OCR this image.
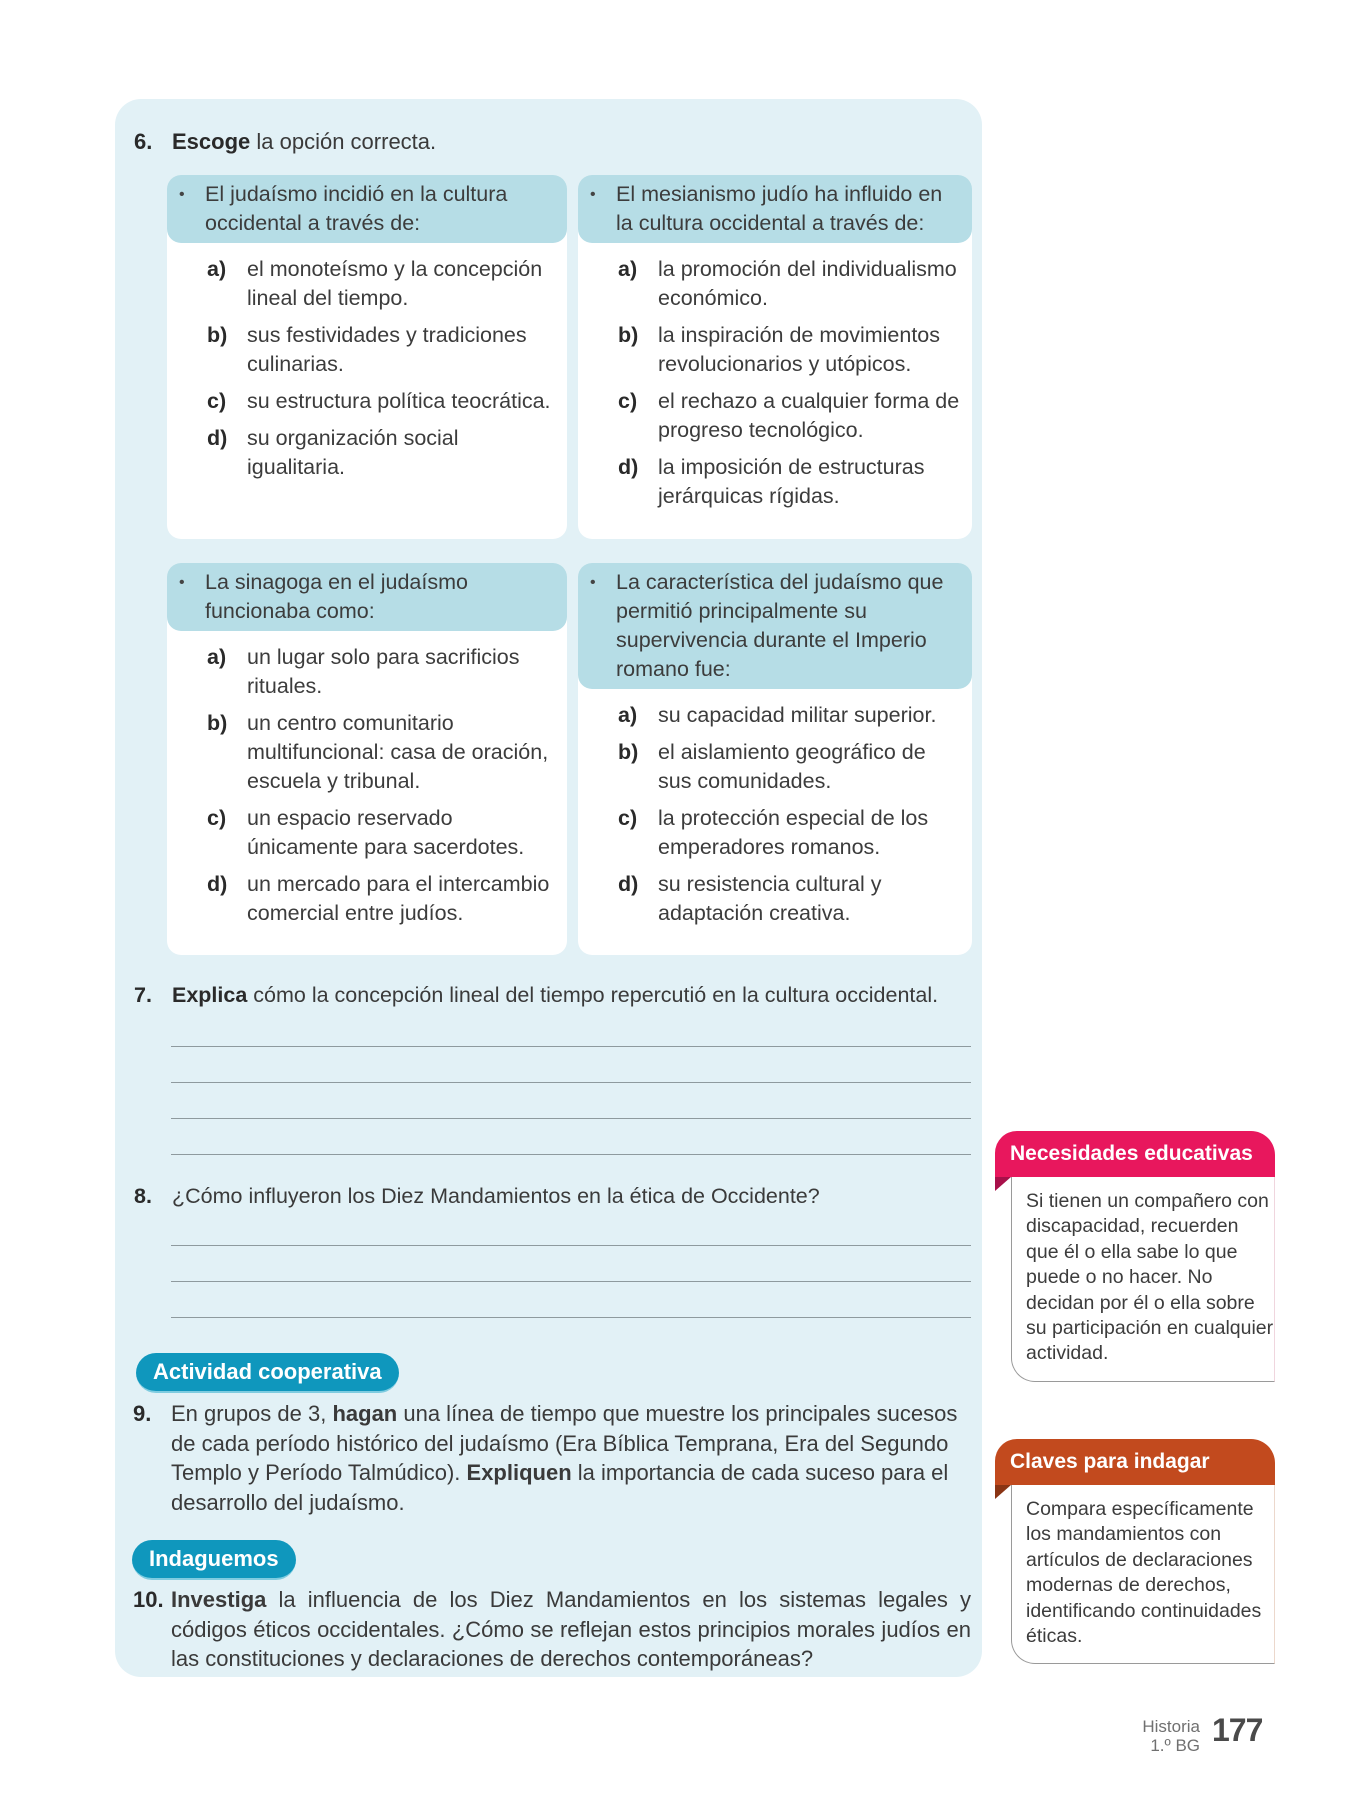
6. Escoge la opción correcta.
• El judaísmo incidió en la cultura occidental a través de:
a) el monoteísmo y la concepción lineal del tiempo.
b) sus festividades y tradiciones culinarias.
c) su estructura política teocrática.
d) su organización social igualitaria.
• El mesianismo judío ha influido en la cultura occidental a través de:
a) la promoción del individualismo económico.
b) la inspiración de movimientos revolucionarios y utópicos.
c) el rechazo a cualquier forma de progreso tecnológico.
d) la imposición de estructuras jerárquicas rígidas.
• La sinagoga en el judaísmo funcionaba como:
a) un lugar solo para sacrificios rituales.
b) un centro comunitario multifuncional: casa de oración, escuela y tribunal.
c) un espacio reservado únicamente para sacerdotes.
d) un mercado para el intercambio comercial entre judíos.
• La característica del judaísmo que permitió principalmente su supervivencia durante el Imperio romano fue:
a) su capacidad militar superior.
b) el aislamiento geográfico de sus comunidades.
c) la protección especial de los emperadores romanos.
d) su resistencia cultural y adaptación creativa.
7. Explica cómo la concepción lineal del tiempo repercutió en la cultura occidental.
8. ¿Cómo influyeron los Diez Mandamientos en la ética de Occidente?
Actividad cooperativa
9. En grupos de 3, hagan una línea de tiempo que muestre los principales sucesos de cada período histórico del judaísmo (Era Bíblica Temprana, Era del Segundo Templo y Período Talmúdico). Expliquen la importancia de cada suceso para el desarrollo del judaísmo.
Indaguemos
10. Investiga la influencia de los Diez Mandamientos en los sistemas legales y códigos éticos occidentales. ¿Cómo se reflejan estos principios morales judíos en las constituciones y declaraciones de derechos contemporáneas?
Necesidades educativas
Si tienen un compañero con discapacidad, recuerden que él o ella sabe lo que puede o no hacer. No decidan por él o ella sobre su participación en cualquier actividad.
Claves para indagar
Compara específicamente los mandamientos con artículos de declaraciones modernas de derechos, identificando continuidades éticas.
Historia
1.º BG 177
